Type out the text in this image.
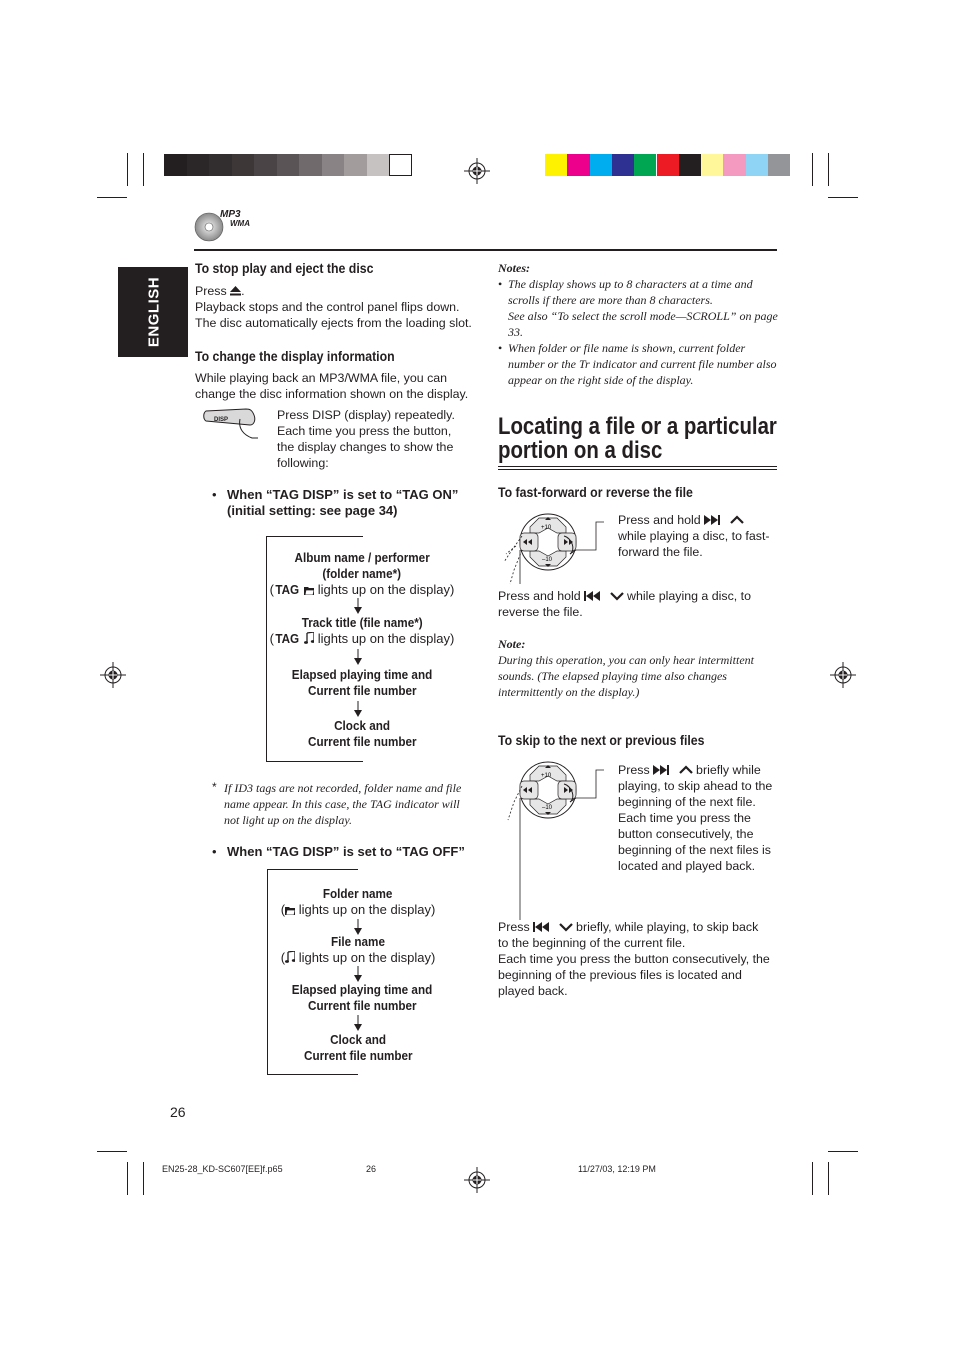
MP3
WMA
ENGLISH
To stop play and eject the disc
Press .
Playback stops and the control panel flips down.
The disc automatically ejects from the loading slot.
To change the display information
While playing back an MP3/WMA file, you can change the disc information shown on the display.
DISP	Press DISP (display) repeatedly. Each time you press the button, the display changes to show the following:
• When “TAG DISP” is set to “TAG ON” (initial setting: see page 34)
Album name / performer
(folder name*)
(TAG lights up on the display)
Track title (file name*)
(TAG lights up on the display)
Elapsed playing time and
Current file number
Clock and
Current file number
* If ID3 tags are not recorded, folder name and file name appear. In this case, the TAG indicator will not light up on the display.
• When “TAG DISP” is set to “TAG OFF”
Folder name
( lights up on the display)
File name
( lights up on the display)
Elapsed playing time and
Current file number
Clock and
Current file number
26
Notes:
• The display shows up to 8 characters at a time and scrolls if there are more than 8 characters.
See also “To select the scroll mode—SCROLL” on page 33.
• When folder or file name is shown, current folder number or the Tr indicator and current file number also appear on the right side of the display.
Locating a file or a particular
portion on a disc
To fast-forward or reverse the file
+10
–10
Press and hold
while playing a disc, to fast-forward the file.
Press and hold	while playing a disc, to
reverse the file.
Note:
During this operation, you can only hear intermittent sounds. (The elapsed playing time also changes intermittently on the display.)
To skip to the next or previous files
+10
–10
Press	briefly while
playing, to skip ahead to the beginning of the next file.
Each time you press the button consecutively, the beginning of the next files is located and played back.
Press	briefly, while playing, to skip back
to the beginning of the current file.
Each time you press the button consecutively, the beginning of the previous files is located and played back.
EN25-28_KD-SC607[EE]f.p65	26	11/27/03, 12:19 PM
